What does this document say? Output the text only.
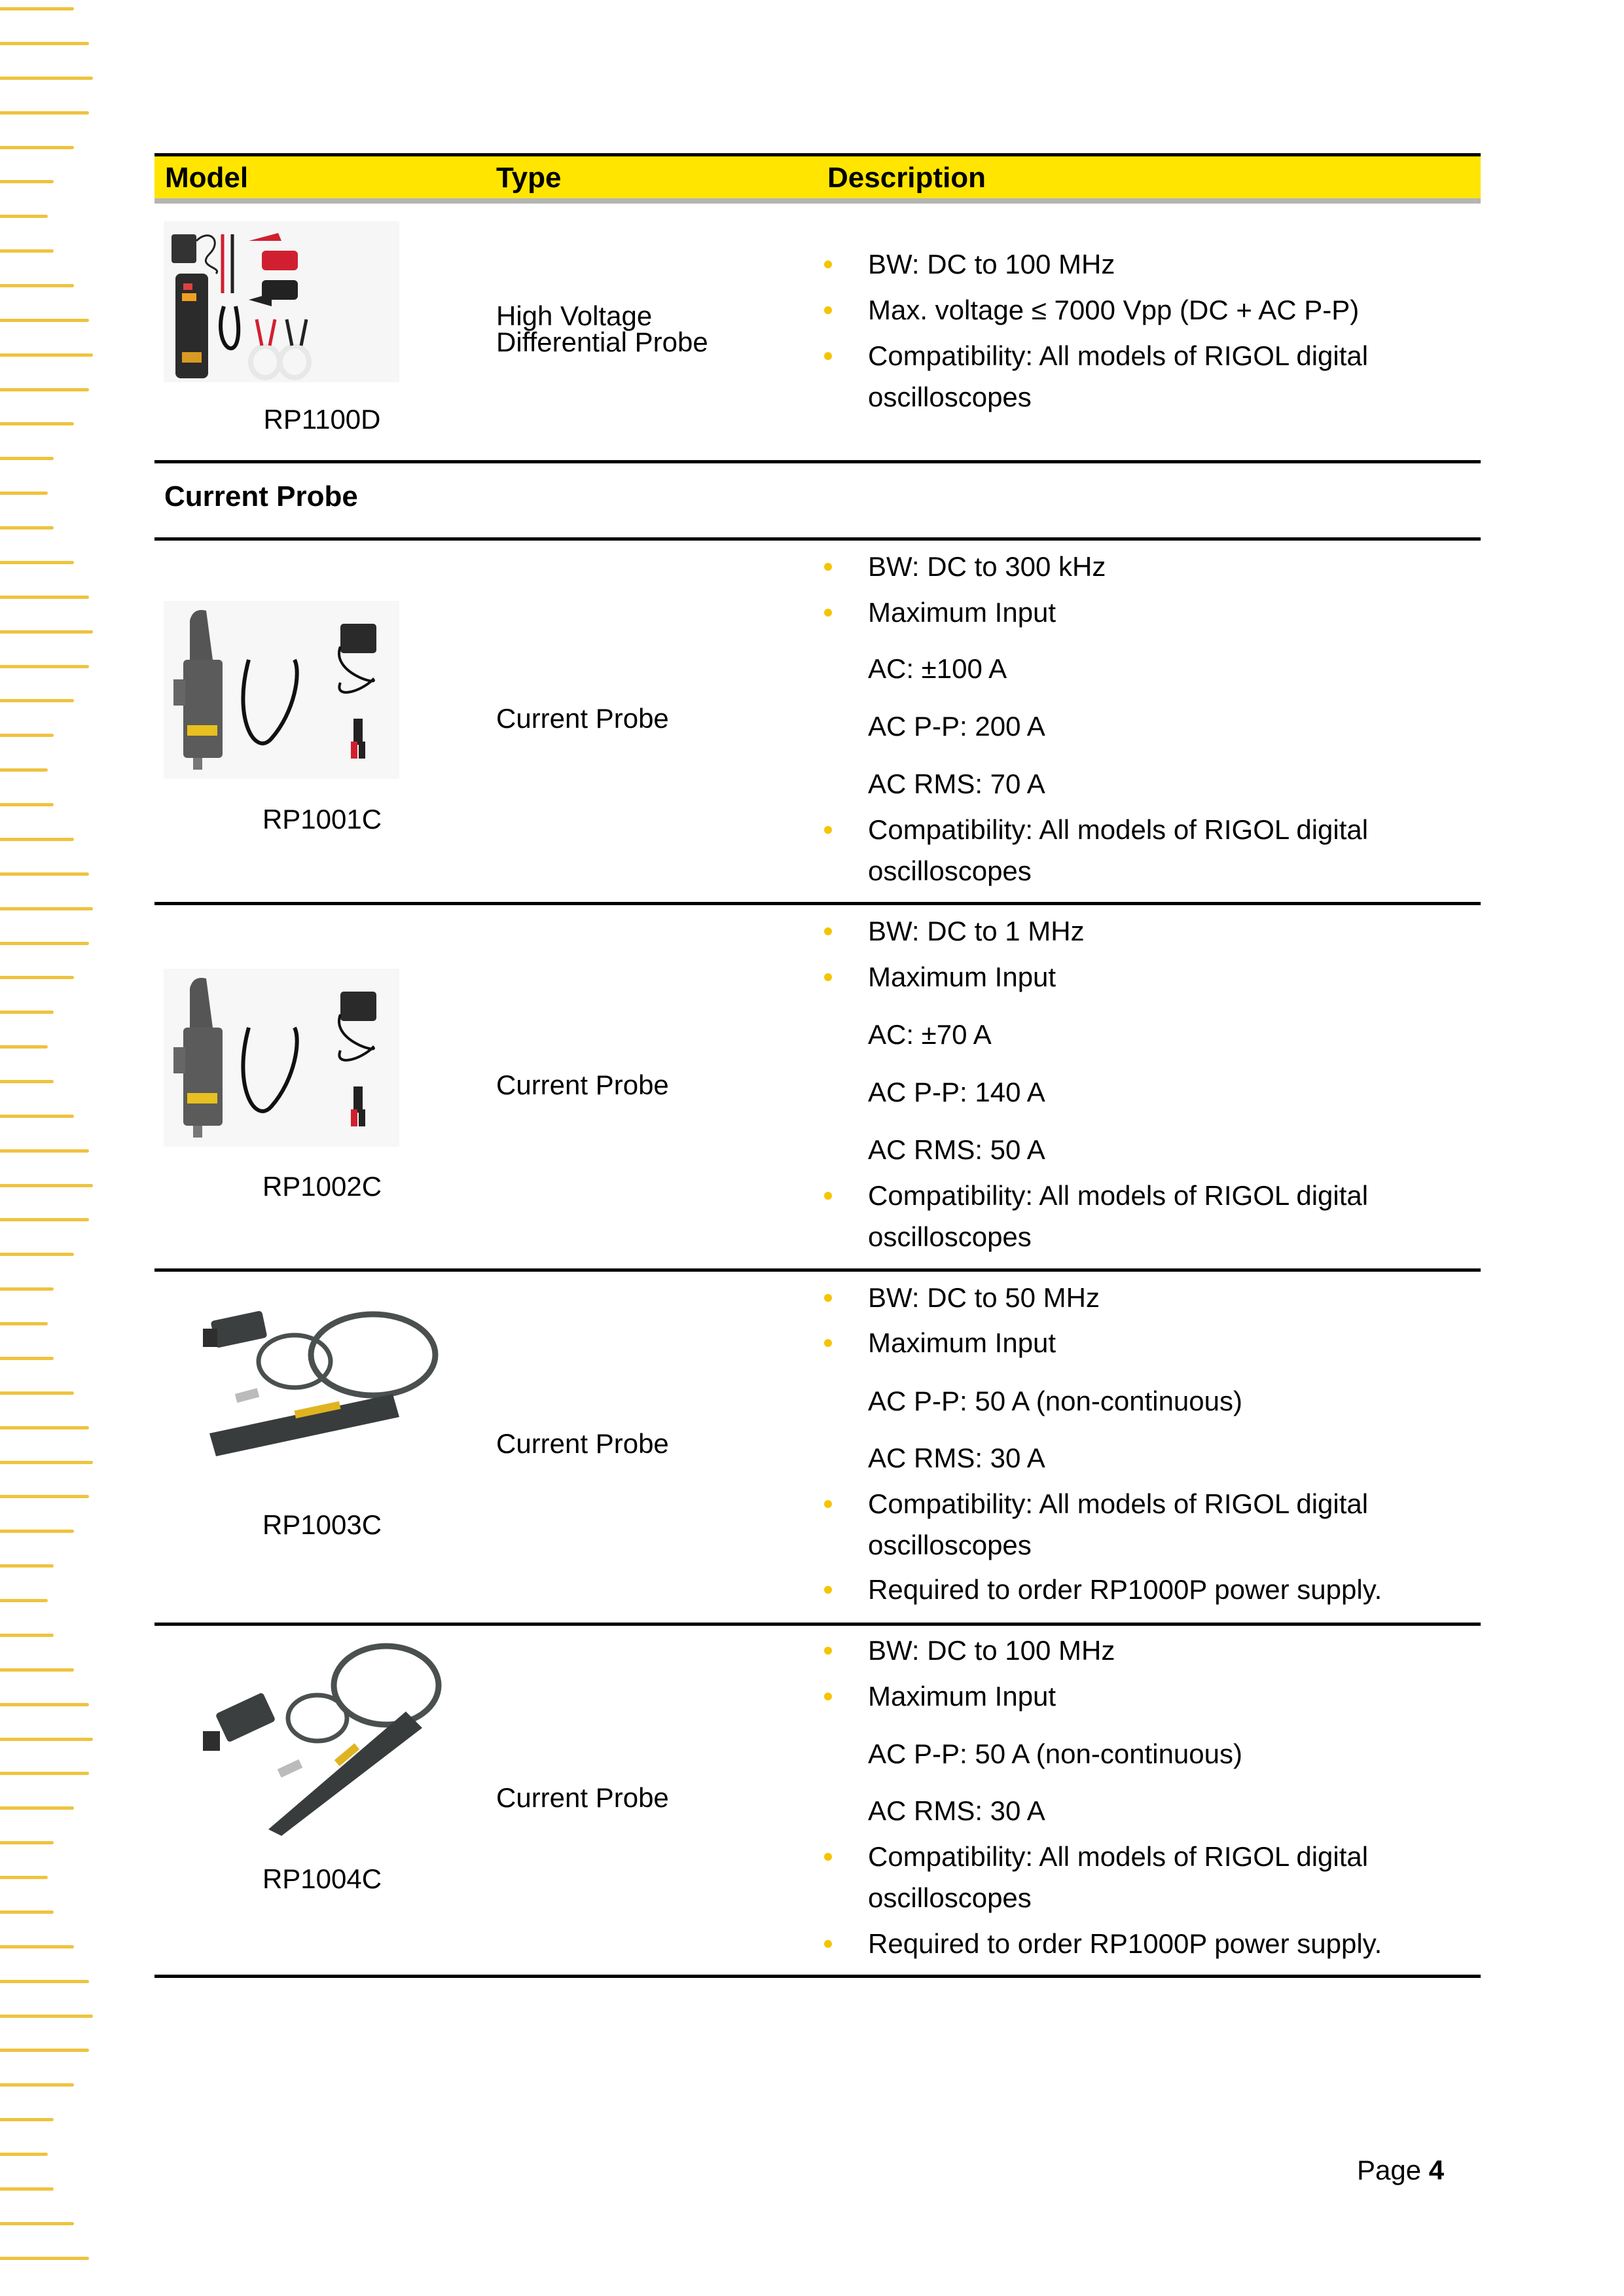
Model	Type	Description
RP1100D
High Voltage
Differential Probe
BW: DC to 100 MHz
Max. voltage ≤ 7000 Vpp (DC + AC P-P)
Compatibility: All models of RIGOL digital
oscilloscopes
Current Probe
RP1001C
Current Probe
BW: DC to 300 kHz
Maximum Input
AC: ±100 A
AC P-P: 200 A
AC RMS: 70 A
Compatibility: All models of RIGOL digital
oscilloscopes
RP1002C
Current Probe
BW: DC to 1 MHz
Maximum Input
AC: ±70 A
AC P-P: 140 A
AC RMS: 50 A
Compatibility: All models of RIGOL digital
oscilloscopes
RP1003C
Current Probe
BW: DC to 50 MHz
Maximum Input
AC P-P: 50 A (non-continuous)
AC RMS: 30 A
Compatibility: All models of RIGOL digital
oscilloscopes
Required to order RP1000P power supply.
RP1004C
Current Probe
BW: DC to 100 MHz
Maximum Input
AC P-P: 50 A (non-continuous)
AC RMS: 30 A
Compatibility: All models of RIGOL digital
oscilloscopes
Required to order RP1000P power supply.
Page 4
